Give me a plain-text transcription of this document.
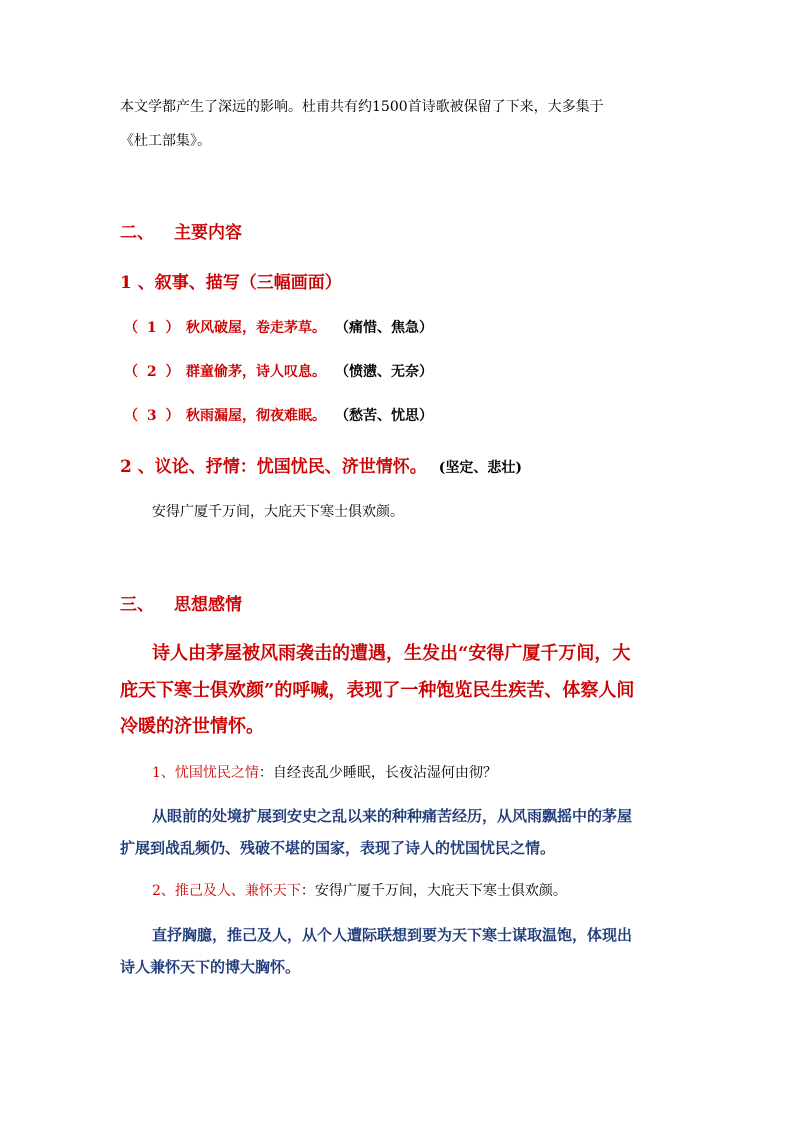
本文学都产生了深远的影响。杜甫共有约1500首诗歌被保留了下来，大多集于
《杜工部集》。
二、 主要内容
1 、叙事、描写（三幅画面）
（ 1 ） 秋风破屋，卷走茅草。 （痛惜、焦急）
（ 2 ） 群童偷茅，诗人叹息。 （愤懑、无奈）
（ 3 ） 秋雨漏屋，彻夜难眠。 （愁苦、忧思）
2 、议论、抒情：忧国忧民、济世情怀。 (坚定、悲壮)
安得广厦千万间，大庇天下寒士俱欢颜。
三、 思想感情
诗人由茅屋被风雨袭击的遭遇，生发出“安得广厦千万间，大
庇天下寒士俱欢颜”的呼喊，表现了一种饱览民生疾苦、体察人间
冷暖的济世情怀。
1、忧国忧民之情：自经丧乱少睡眠，长夜沾湿何由彻？
从眼前的处境扩展到安史之乱以来的种种痛苦经历，从风雨飘摇中的茅屋
扩展到战乱频仍、残破不堪的国家，表现了诗人的忧国忧民之情。
2、推己及人、兼怀天下：安得广厦千万间，大庇天下寒士俱欢颜。
直抒胸臆，推己及人，从个人遭际联想到要为天下寒士谋取温饱，体现出
诗人兼怀天下的博大胸怀。
